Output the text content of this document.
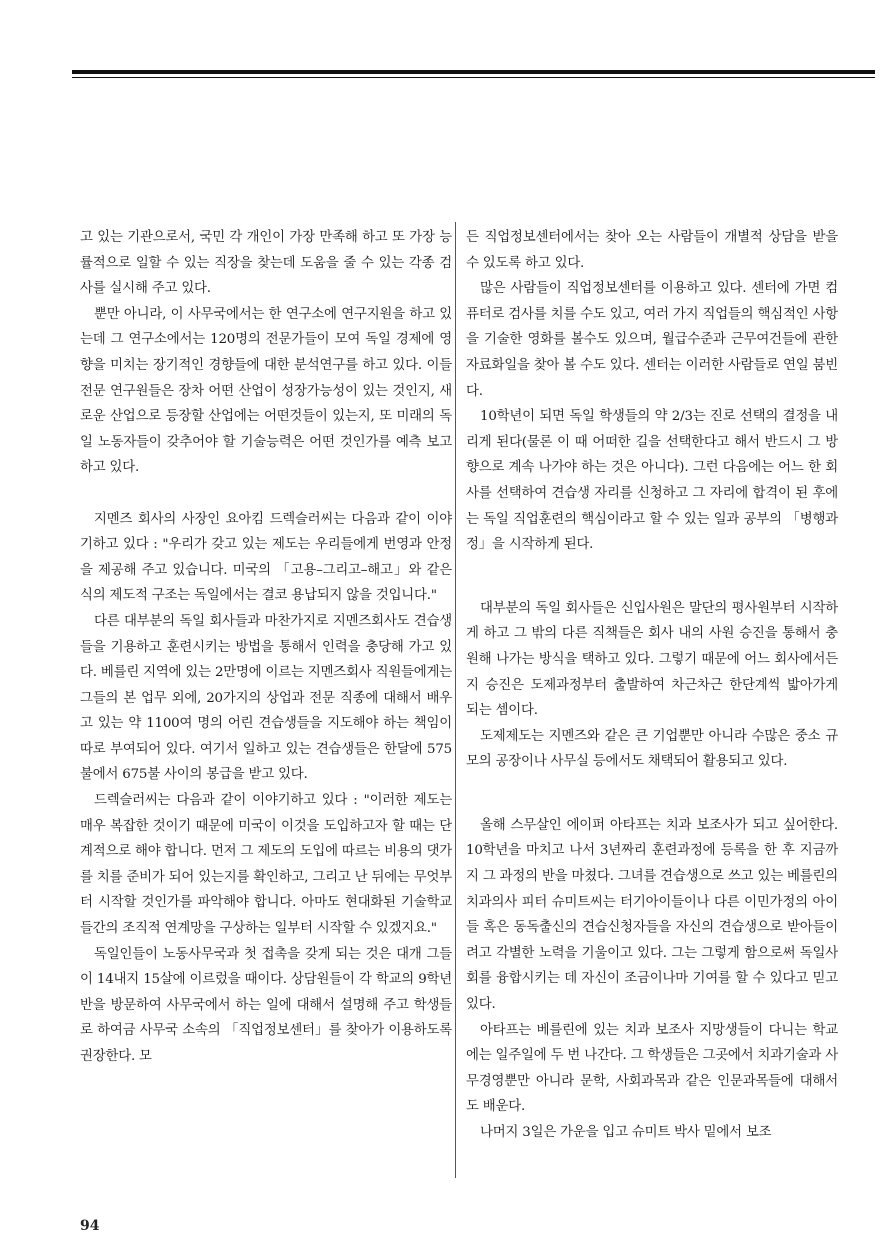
고 있는 기관으로서, 국민 각 개인이 가장 만족해 하고 또 가장 능률적으로 일할 수 있는 직장을 찾는데 도움을 줄 수 있는 각종 검사를 실시해 주고 있다.

뿐만 아니라, 이 사무국에서는 한 연구소에 연구지원을 하고 있는데 그 연구소에서는 120명의 전문가들이 모여 독일 경제에 영향을 미치는 장기적인 경향들에 대한 분석연구를 하고 있다. 이들 전문 연구원들은 장차 어떤 산업이 성장가능성이 있는 것인지, 새로운 산업으로 등장할 산업에는 어떤것들이 있는지, 또 미래의 독일 노동자들이 갖추어야 할 기술능력은 어떤 것인가를 예측 보고 하고 있다.

지멘즈 회사의 사장인 요아킴 드렉슬러씨는 다음과 같이 이야기하고 있다 : "우리가 갖고 있는 제도는 우리들에게 번영과 안정을 제공해 주고 있습니다. 미국의 「고용–그리고–해고」와 같은 식의 제도적 구조는 독일에서는 결코 용납되지 않을 것입니다."

다른 대부분의 독일 회사들과 마찬가지로 지멘즈회사도 견습생들을 기용하고 훈련시키는 방법을 통해서 인력을 충당해 가고 있다. 베를린 지역에 있는 2만명에 이르는 지멘즈회사 직원들에게는 그들의 본 업무 외에, 20가지의 상업과 전문 직종에 대해서 배우고 있는 약 1100여 명의 어린 견습생들을 지도해야 하는 책임이 따로 부여되어 있다. 여기서 일하고 있는 견습생들은 한달에 575불에서 675불 사이의 봉급을 받고 있다.

드렉슬러씨는 다음과 같이 이야기하고 있다 : "이러한 제도는 매우 복잡한 것이기 때문에 미국이 이것을 도입하고자 할 때는 단계적으로 해야 합니다. 먼저 그 제도의 도입에 따르는 비용의 댓가를 치를 준비가 되어 있는지를 확인하고, 그리고 난 뒤에는 무엇부터 시작할 것인가를 파악해야 합니다. 아마도 현대화된 기술학교들간의 조직적 연계망을 구상하는 일부터 시작할 수 있겠지요."

독일인들이 노동사무국과 첫 접촉을 갖게 되는 것은 대개 그들이 14내지 15살에 이르렀을 때이다. 상담원들이 각 학교의 9학년반을 방문하여 사무국에서 하는 일에 대해서 설명해 주고 학생들로 하여금 사무국 소속의 「직업정보센터」를 찾아가 이용하도록 권장한다. 모

든 직업정보센터에서는 찾아 오는 사람들이 개별적 상담을 받을 수 있도록 하고 있다.

많은 사람들이 직업정보센터를 이용하고 있다. 센터에 가면 컴퓨터로 검사를 치를 수도 있고, 여러 가지 직업들의 핵심적인 사항을 기술한 영화를 볼수도 있으며, 월급수준과 근무여건들에 관한 자료화일을 찾아 볼 수도 있다. 센터는 이러한 사람들로 연일 붐빈다.

10학년이 되면 독일 학생들의 약 2/3는 진로 선택의 결정을 내리게 된다(물론 이 때 어떠한 길을 선택한다고 해서 반드시 그 방향으로 계속 나가야 하는 것은 아니다). 그런 다음에는 어느 한 회사를 선택하여 견습생 자리를 신청하고 그 자리에 합격이 된 후에는 독일 직업훈련의 핵심이라고 할 수 있는 일과 공부의 「병행과정」을 시작하게 된다.

대부분의 독일 회사들은 신입사원은 말단의 평사원부터 시작하게 하고 그 밖의 다른 직책들은 회사 내의 사원 승진을 통해서 충원해 나가는 방식을 택하고 있다. 그렇기 때문에 어느 회사에서든지 승진은 도제과정부터 출발하여 차근차근 한단계씩 밟아가게 되는 셈이다.

도제제도는 지멘즈와 같은 큰 기업뿐만 아니라 수많은 중소 규모의 공장이나 사무실 등에서도 채택되어 활용되고 있다.

올해 스무살인 에이퍼 아타프는 치과 보조사가 되고 싶어한다. 10학년을 마치고 나서 3년짜리 훈련과정에 등록을 한 후 지금까지 그 과정의 반을 마쳤다. 그녀를 견습생으로 쓰고 있는 베를린의 치과의사 피터 슈미트씨는 터기아이들이나 다른 이민가정의 아이들 혹은 동독출신의 견습신청자들을 자신의 견습생으로 받아들이려고 각별한 노력을 기울이고 있다. 그는 그렇게 함으로써 독일사회를 융합시키는 데 자신이 조금이나마 기여를 할 수 있다고 믿고 있다.

아타프는 베를린에 있는 치과 보조사 지망생들이 다니는 학교에는 일주일에 두 번 나간다. 그 학생들은 그곳에서 치과기술과 사무경영뿐만 아니라 문학, 사회과목과 같은 인문과목들에 대해서도 배운다.

나머지 3일은 가운을 입고 슈미트 박사 밑에서 보조

94
